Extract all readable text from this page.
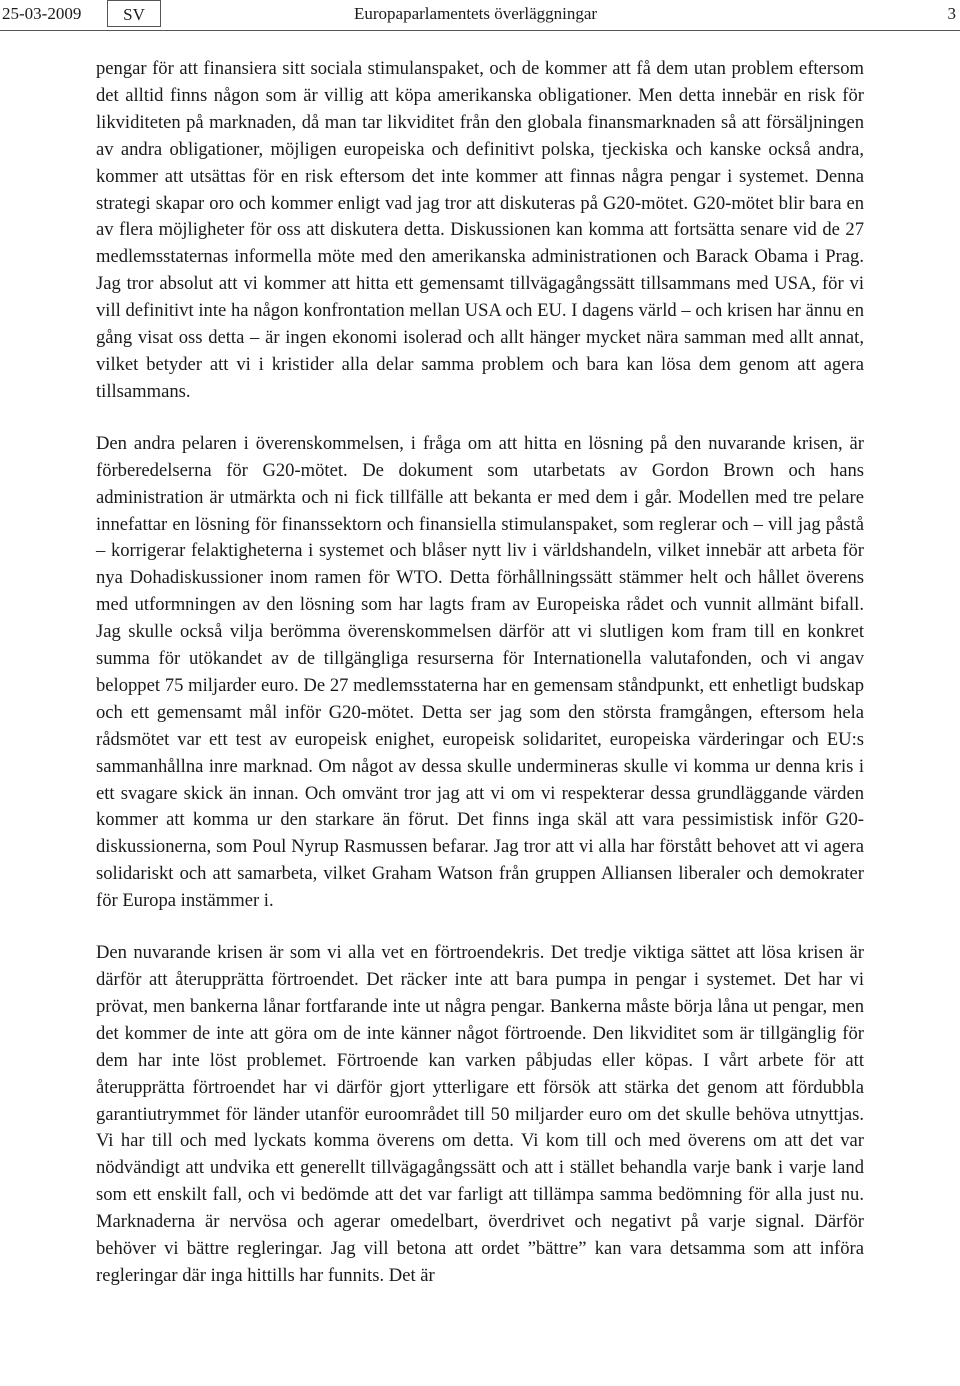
25-03-2009	SV	Europaparlamentets överläggningar	3

pengar för att finansiera sitt sociala stimulanspaket, och de kommer att få dem utan problem eftersom det alltid finns någon som är villig att köpa amerikanska obligationer. Men detta innebär en risk för likviditeten på marknaden, då man tar likviditet från den globala finansmarknaden så att försäljningen av andra obligationer, möjligen europeiska och definitivt polska, tjeckiska och kanske också andra, kommer att utsättas för en risk eftersom det inte kommer att finnas några pengar i systemet. Denna strategi skapar oro och kommer enligt vad jag tror att diskuteras på G20-mötet. G20-mötet blir bara en av flera möjligheter för oss att diskutera detta. Diskussionen kan komma att fortsätta senare vid de 27 medlemsstaternas informella möte med den amerikanska administrationen och Barack Obama i Prag. Jag tror absolut att vi kommer att hitta ett gemensamt tillvägagångssätt tillsammans med USA, för vi vill definitivt inte ha någon konfrontation mellan USA och EU. I dagens värld – och krisen har ännu en gång visat oss detta – är ingen ekonomi isolerad och allt hänger mycket nära samman med allt annat, vilket betyder att vi i kristider alla delar samma problem och bara kan lösa dem genom att agera tillsammans.

Den andra pelaren i överenskommelsen, i fråga om att hitta en lösning på den nuvarande krisen, är förberedelserna för G20-mötet. De dokument som utarbetats av Gordon Brown och hans administration är utmärkta och ni fick tillfälle att bekanta er med dem i går. Modellen med tre pelare innefattar en lösning för finanssektorn och finansiella stimulanspaket, som reglerar och – vill jag påstå – korrigerar felaktigheterna i systemet och blåser nytt liv i världshandeln, vilket innebär att arbeta för nya Dohadiskussioner inom ramen för WTO. Detta förhållningssätt stämmer helt och hållet överens med utformningen av den lösning som har lagts fram av Europeiska rådet och vunnit allmänt bifall. Jag skulle också vilja berömma överenskommelsen därför att vi slutligen kom fram till en konkret summa för utökandet av de tillgängliga resurserna för Internationella valutafonden, och vi angav beloppet 75 miljarder euro. De 27 medlemsstaterna har en gemensam ståndpunkt, ett enhetligt budskap och ett gemensamt mål inför G20-mötet. Detta ser jag som den största framgången, eftersom hela rådsmötet var ett test av europeisk enighet, europeisk solidaritet, europeiska värderingar och EU:s sammanhållna inre marknad. Om något av dessa skulle undermineras skulle vi komma ur denna kris i ett svagare skick än innan. Och omvänt tror jag att vi om vi respekterar dessa grundläggande värden kommer att komma ur den starkare än förut. Det finns inga skäl att vara pessimistisk inför G20-diskussionerna, som Poul Nyrup Rasmussen befarar. Jag tror att vi alla har förstått behovet att vi agera solidariskt och att samarbeta, vilket Graham Watson från gruppen Alliansen liberaler och demokrater för Europa instämmer i.

Den nuvarande krisen är som vi alla vet en förtroendekris. Det tredje viktiga sättet att lösa krisen är därför att återupprätta förtroendet. Det räcker inte att bara pumpa in pengar i systemet. Det har vi prövat, men bankerna lånar fortfarande inte ut några pengar. Bankerna måste börja låna ut pengar, men det kommer de inte att göra om de inte känner något förtroende. Den likviditet som är tillgänglig för dem har inte löst problemet. Förtroende kan varken påbjudas eller köpas. I vårt arbete för att återupprätta förtroendet har vi därför gjort ytterligare ett försök att stärka det genom att fördubbla garantiutrymmet för länder utanför euroområdet till 50 miljarder euro om det skulle behöva utnyttjas. Vi har till och med lyckats komma överens om detta. Vi kom till och med överens om att det var nödvändigt att undvika ett generellt tillvägagångssätt och att i stället behandla varje bank i varje land som ett enskilt fall, och vi bedömde att det var farligt att tillämpa samma bedömning för alla just nu. Marknaderna är nervösa och agerar omedelbart, överdrivet och negativt på varje signal. Därför behöver vi bättre regleringar. Jag vill betona att ordet ”bättre” kan vara detsamma som att införa regleringar där inga hittills har funnits. Det är
